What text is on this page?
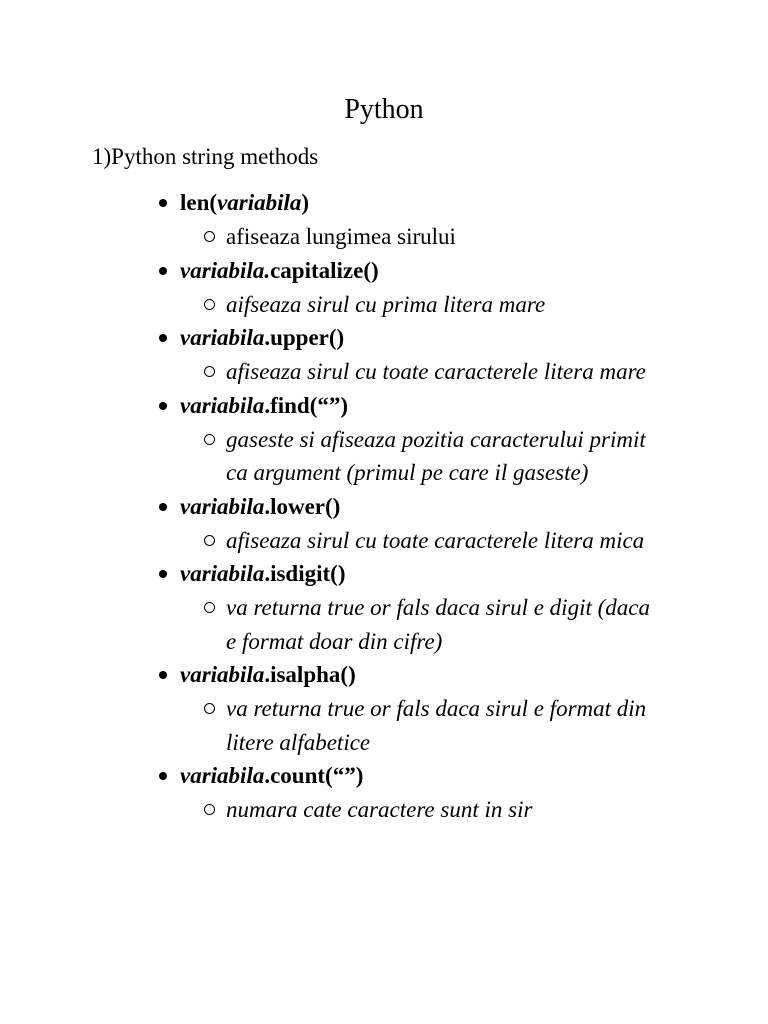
Python
1)Python string methods
len(variabila)
afiseaza lungimea sirului
variabila.capitalize()
aifseaza sirul cu prima litera mare
variabila.upper()
afiseaza sirul cu toate caracterele litera mare
variabila.find(“”)
gaseste si afiseaza pozitia caracterului primit ca argument (primul pe care il gaseste)
variabila.lower()
afiseaza sirul cu toate caracterele litera mica
variabila.isdigit()
va returna true or fals daca sirul e digit (daca e format doar din cifre)
variabila.isalpha()
va returna true or fals daca sirul e format din litere alfabetice
variabila.count(“”)
numara cate caractere sunt in sir
